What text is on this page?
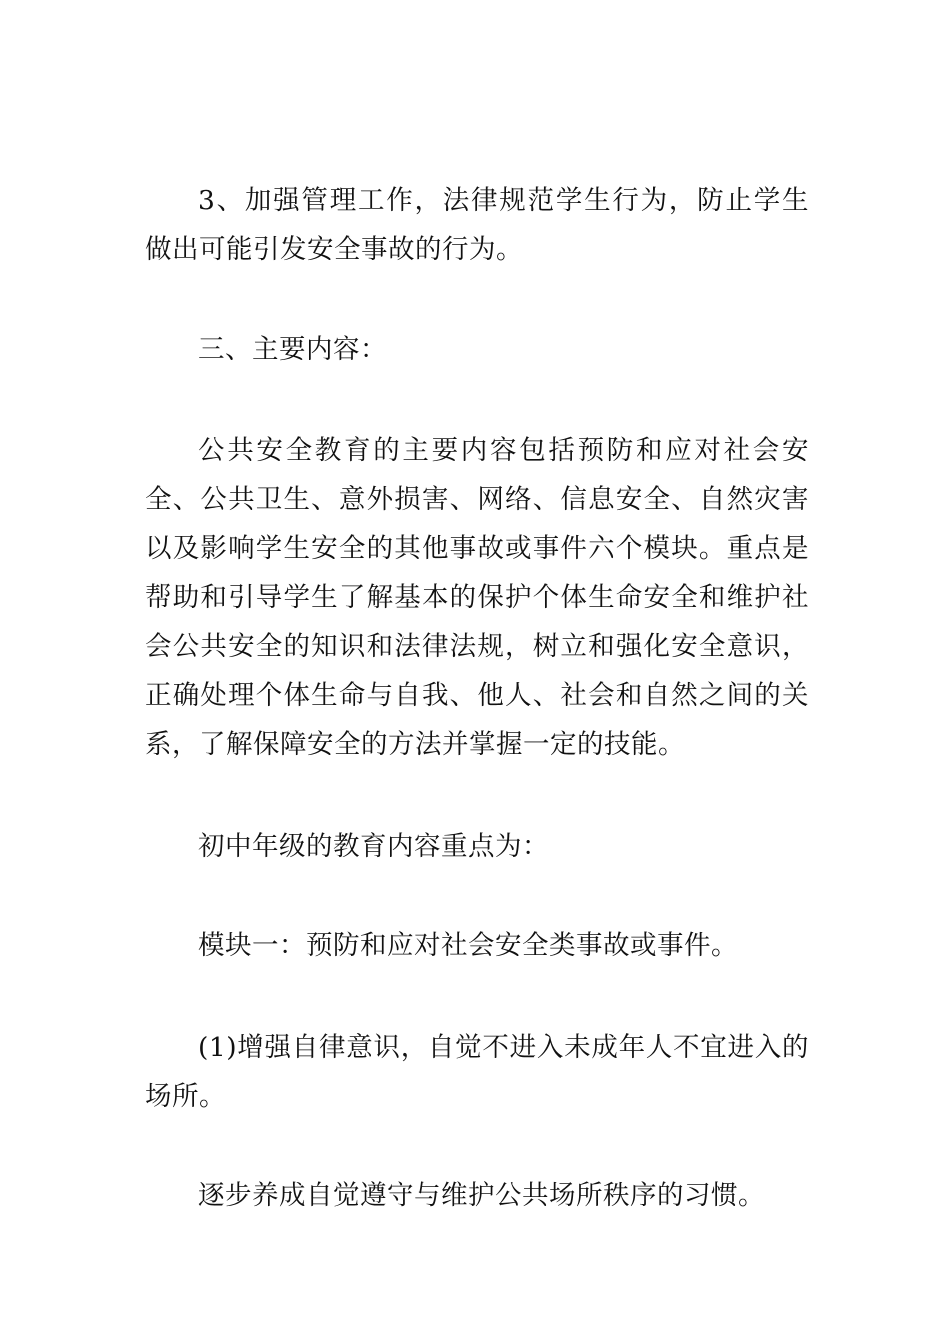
3、加强管理工作，法律规范学生行为，防止学生做出可能引发安全事故的行为。

三、主要内容：

公共安全教育的主要内容包括预防和应对社会安全、公共卫生、意外损害、网络、信息安全、自然灾害以及影响学生安全的其他事故或事件六个模块。重点是帮助和引导学生了解基本的保护个体生命安全和维护社会公共安全的知识和法律法规，树立和强化安全意识，正确处理个体生命与自我、他人、社会和自然之间的关系，了解保障安全的方法并掌握一定的技能。

初中年级的教育内容重点为：

模块一：预防和应对社会安全类事故或事件。

(1)增强自律意识，自觉不进入未成年人不宜进入的场所。

逐步养成自觉遵守与维护公共场所秩序的习惯。
